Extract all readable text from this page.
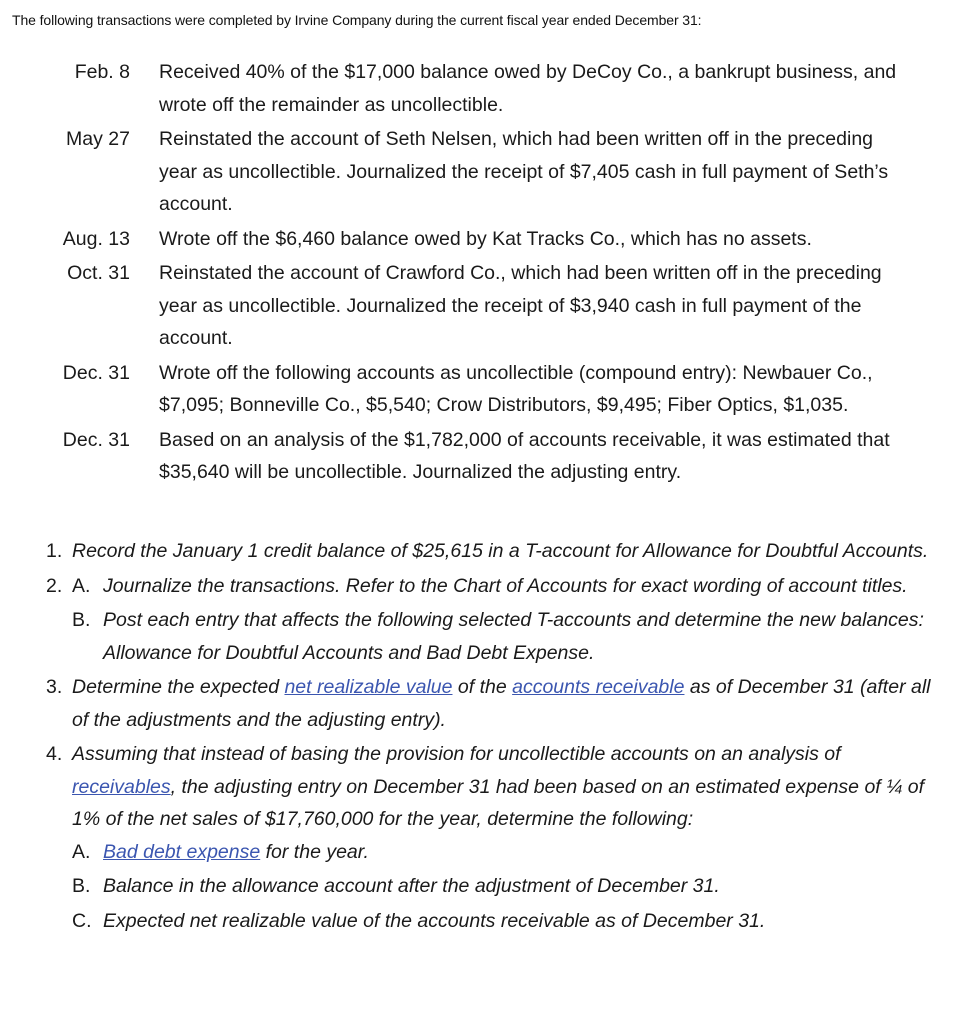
The following transactions were completed by Irvine Company during the current fiscal year ended December 31:
Feb. 8 Received 40% of the $17,000 balance owed by DeCoy Co., a bankrupt business, and wrote off the remainder as uncollectible.
May 27 Reinstated the account of Seth Nelsen, which had been written off in the preceding year as uncollectible. Journalized the receipt of $7,405 cash in full payment of Seth’s account.
Aug. 13 Wrote off the $6,460 balance owed by Kat Tracks Co., which has no assets.
Oct. 31 Reinstated the account of Crawford Co., which had been written off in the preceding year as uncollectible. Journalized the receipt of $3,940 cash in full payment of the account.
Dec. 31 Wrote off the following accounts as uncollectible (compound entry): Newbauer Co., $7,095; Bonneville Co., $5,540; Crow Distributors, $9,495; Fiber Optics, $1,035.
Dec. 31 Based on an analysis of the $1,782,000 of accounts receivable, it was estimated that $35,640 will be uncollectible. Journalized the adjusting entry.
1. Record the January 1 credit balance of $25,615 in a T-account for Allowance for Doubtful Accounts.
2. A. Journalize the transactions. Refer to the Chart of Accounts for exact wording of account titles.
B. Post each entry that affects the following selected T-accounts and determine the new balances: Allowance for Doubtful Accounts and Bad Debt Expense.
3. Determine the expected net realizable value of the accounts receivable as of December 31 (after all of the adjustments and the adjusting entry).
4. Assuming that instead of basing the provision for uncollectible accounts on an analysis of receivables, the adjusting entry on December 31 had been based on an estimated expense of ¼ of 1% of the net sales of $17,760,000 for the year, determine the following:
A. Bad debt expense for the year.
B. Balance in the allowance account after the adjustment of December 31.
C. Expected net realizable value of the accounts receivable as of December 31.
